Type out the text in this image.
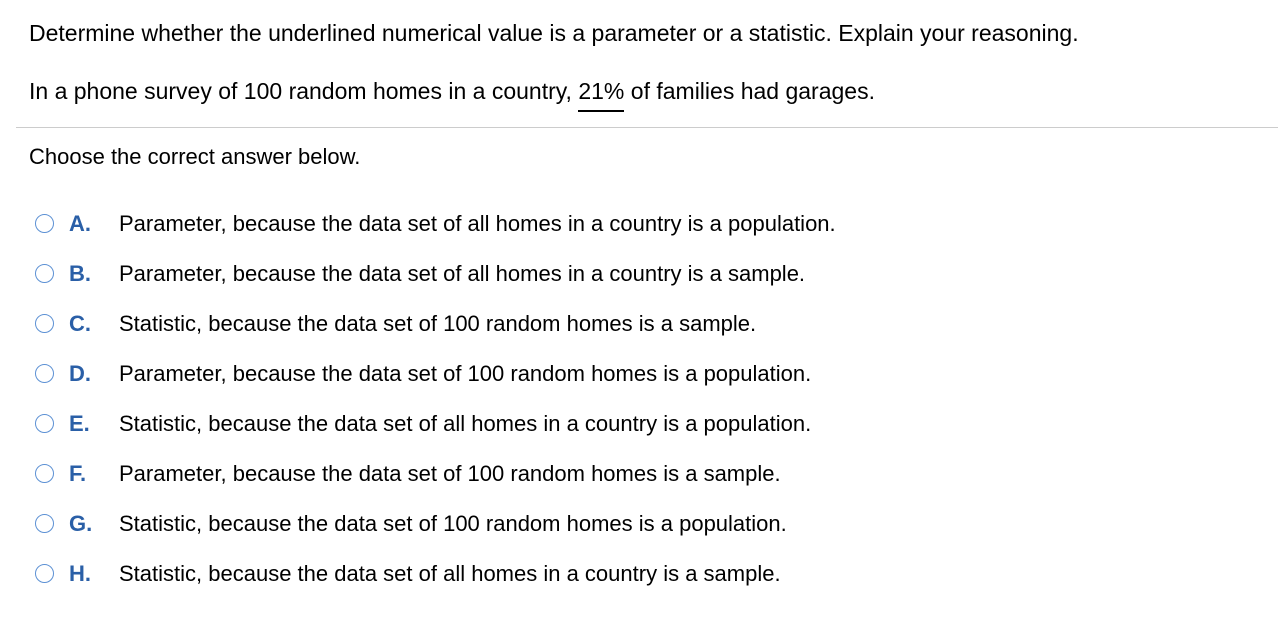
Determine whether the underlined numerical value is a parameter or a statistic. Explain your reasoning.
In a phone survey of 100 random homes in a country, 21% of families had garages.
Choose the correct answer below.
A. Parameter, because the data set of all homes in a country is a population.
B. Parameter, because the data set of all homes in a country is a sample.
C. Statistic, because the data set of 100 random homes is a sample.
D. Parameter, because the data set of 100 random homes is a population.
E. Statistic, because the data set of all homes in a country is a population.
F. Parameter, because the data set of 100 random homes is a sample.
G. Statistic, because the data set of 100 random homes is a population.
H. Statistic, because the data set of all homes in a country is a sample.
